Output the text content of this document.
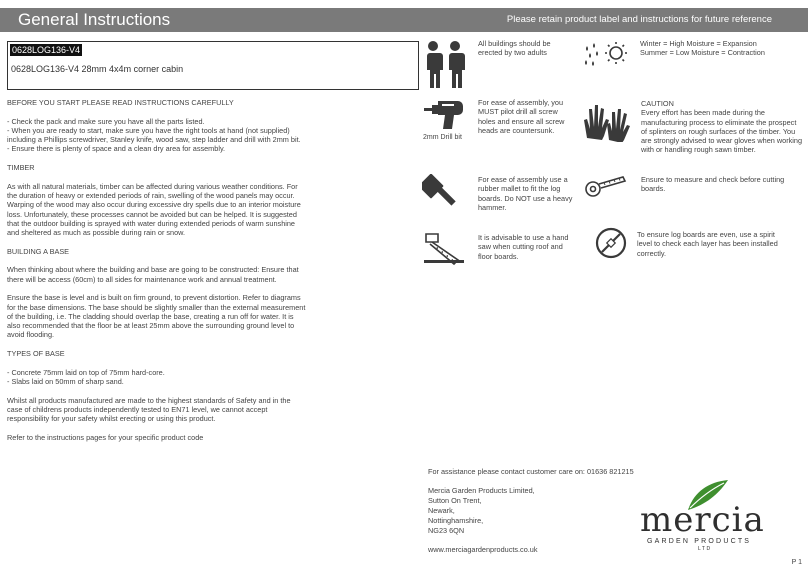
General Instructions	Please retain product label and instructions for future reference
0628LOG136-V4
0628LOG136-V4 28mm 4x4m corner cabin

BEFORE YOU START PLEASE READ INSTRUCTIONS CAREFULLY

- Check the pack and make sure you have all the parts listed.

- When you are ready to start, make sure you have the right tools at hand (not supplied) including a Phillips screwdriver, Stanley knife, wood saw, step ladder and drill with 2mm bit.

- Ensure there is plenty of space and a clean dry area for assembly.

TIMBER

As with all natural materials, timber can be affected during various weather conditions. For the duration of heavy or extended periods of rain, swelling of the wood panels may occur. Warping of the wood may also occur during excessive dry spells due to an interior moisture loss. Unfortunately, these processes cannot be avoided but can be helped. It is suggested that the outdoor building is sprayed with water during extended periods of warm sunshine and sheltered as much as possible during rain or snow.

BUILDING A BASE

When thinking about where the building and base are going to be constructed: Ensure that there will be access (60cm) to all sides for maintenance work and annual treatment.

Ensure the base is level and is built on firm ground, to prevent distortion. Refer to diagrams for the base dimensions. The base should be slightly smaller than the external measurement of the building, i.e. The cladding should overlap the base, creating a run off for water. It is also recommended that the floor be at least 25mm above the surrounding ground level to avoid flooding.

TYPES OF BASE

- Concrete 75mm laid on top of 75mm hard-core.

- Slabs laid on 50mm of sharp sand.

Whilst all products manufactured are made to the highest standards of Safety and in the case of childrens products independently tested to EN71 level, we cannot accept responsibility for your safety whilst erecting or using this product.

Refer to the instructions pages for your specific product code

All buildings should be erected by two adults
Winter = High Moisture = Expansion
Summer = Low Moisture = Contraction
2mm Drill bit
For ease of assembly, you MUST pilot drill all screw holes and ensure all screw heads are countersunk.
CAUTION
Every effort has been made during the manufacturing process to eliminate the prospect of splinters on rough surfaces of the timber. You are strongly advised to wear gloves when working with or handling rough sawn timber.
For ease of assembly use a rubber mallet to fit the log boards. Do NOT use a heavy hammer.
Ensure to measure and check before cutting boards.
It is advisable to use a hand saw when cutting roof and floor boards.
To ensure log boards are even, use a spirit level to check each layer has been installed correctly.
For assistance please contact customer care on: 01636 821215
Mercia Garden Products Limited,
Sutton On Trent,
Newark,
Nottinghamshire,
NG23 6QN
www.merciagardenproducts.co.uk
mercia
GARDEN PRODUCTS
LTD
P 1
